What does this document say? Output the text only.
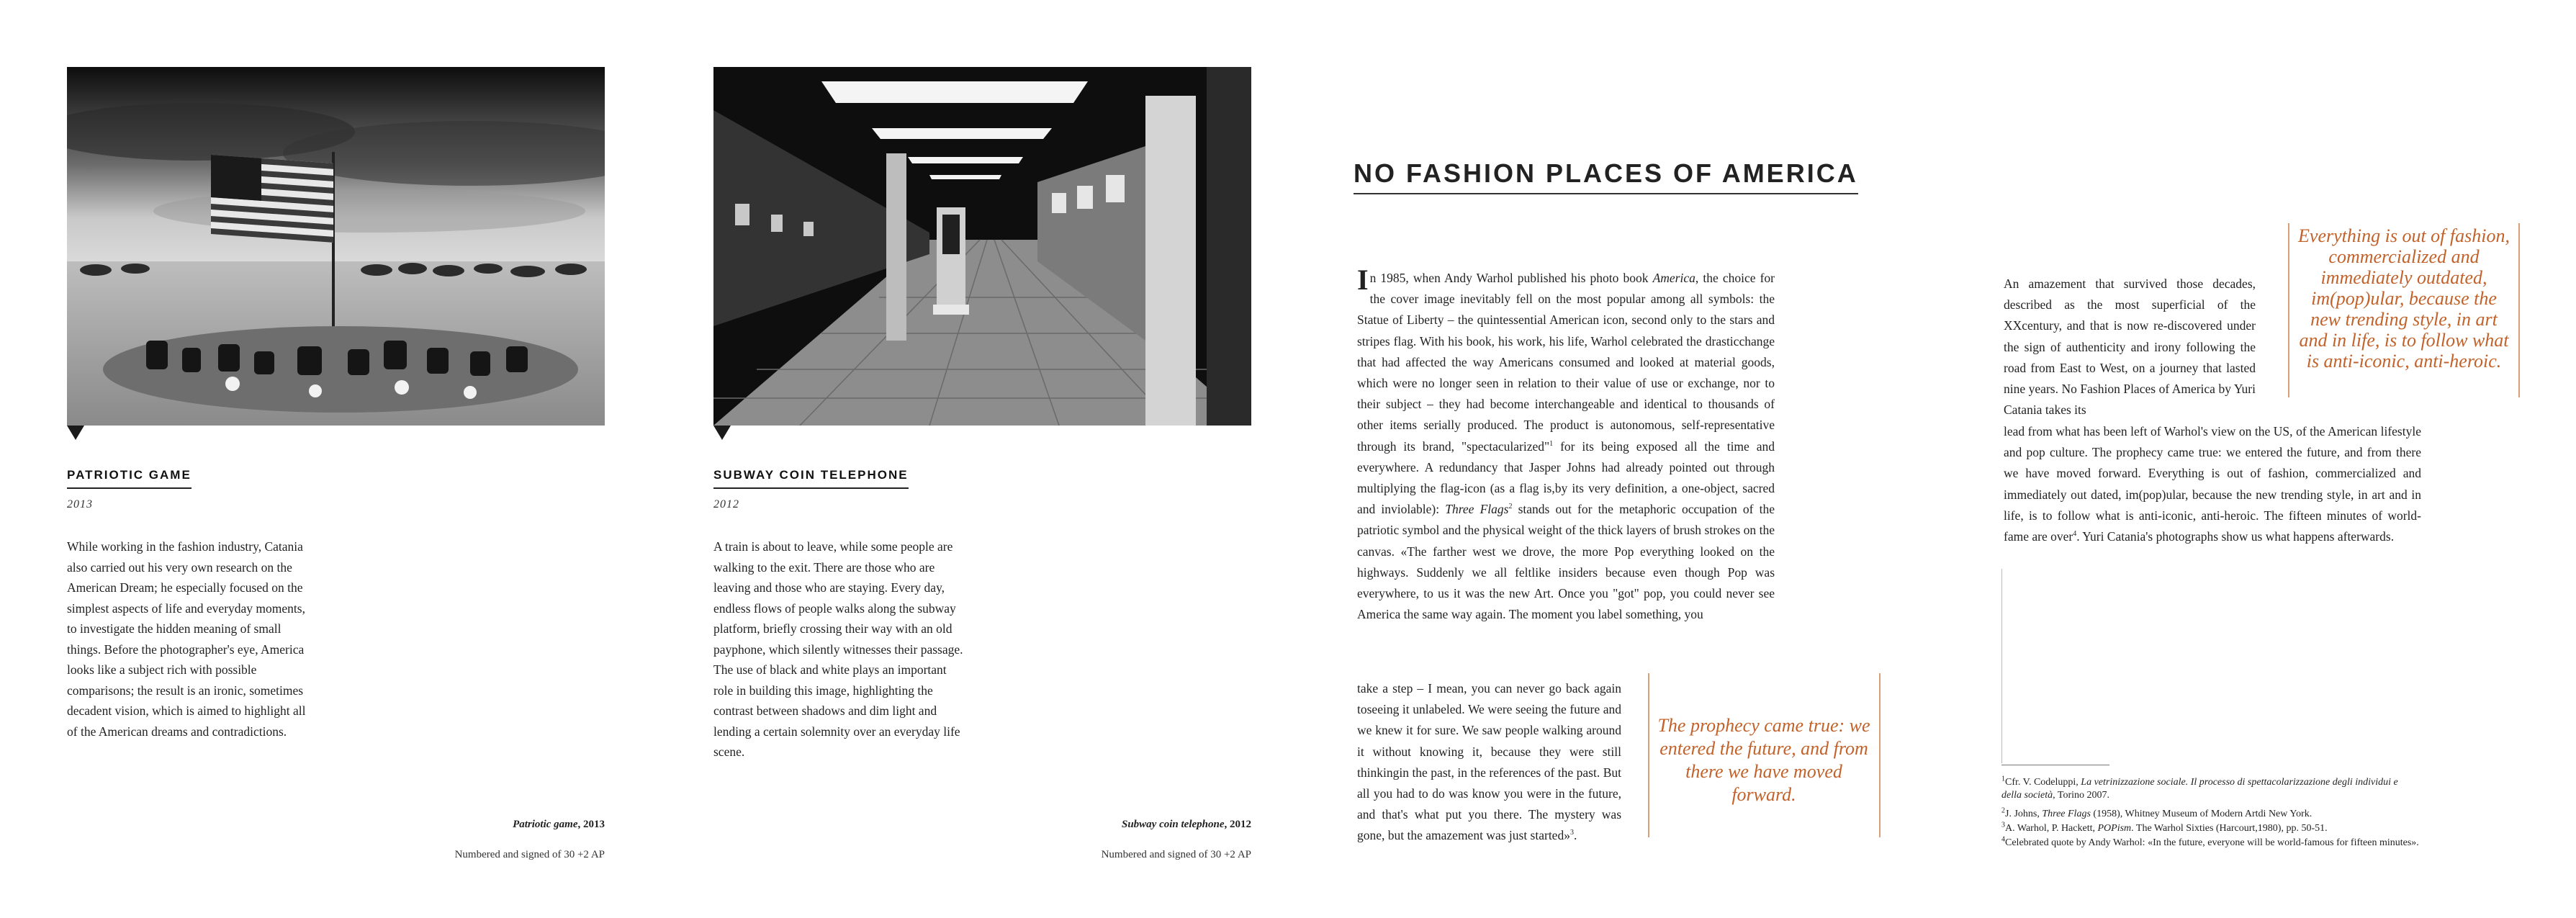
PATRIOTIC GAME
2013
While working in the fashion industry, Catania also carried out his very own research on the American Dream; he especially focused on the simplest aspects of life and everyday moments, to investigate the hidden meaning of small things. Before the photographer's eye, America looks like a subject rich with possible comparisons; the result is an ironic, sometimes decadent vision, which is aimed to highlight all of the American dreams and contradictions.
Patriotic game, 2013
Numbered and signed of 30 +2 AP
SUBWAY COIN TELEPHONE
2012
A train is about to leave, while some people are walking to the exit. There are those who are leaving and those who are staying. Every day, endless flows of people walks along the subway platform, briefly crossing their way with an old payphone, which silently witnesses their passage. The use of black and white plays an important role in building this image, highlighting the contrast between shadows and dim light and lending a certain solemnity over an everyday life scene.
Subway coin telephone, 2012
Numbered and signed of 30 +2 AP
NO FASHION PLACES OF AMERICA
In 1985, when Andy Warhol published his photo book America, the choice for the cover image inevitably fell on the most popular among all symbols: the Statue of Liberty – the quintessential American icon, second only to the stars and stripes flag. With his book, his work, his life, Warhol celebrated the drasticchange that had affected the way Americans consumed and looked at material goods, which were no longer seen in relation to their value of use or exchange, nor to their subject – they had become interchangeable and identical to thousands of other items serially produced. The product is autonomous, self-representative through its brand, "spectacularized"$^1$ for its being exposed all the time and everywhere. A redundancy that Jasper Johns had already pointed out through multiplying the flag-icon (as a flag is,by its very definition, a one-object, sacred and inviolable): Three Flags$^2$ stands out for the metaphoric occupation of the patriotic symbol and the physical weight of the thick layers of brush strokes on the canvas. «The farther west we drove, the more Pop everything looked on the highways. Suddenly we all feltlike insiders because even though Pop was everywhere, to us it was the new Art. Once you "got" pop, you could never see America the same way again. The moment you label something, you
take a step – I mean, you can never go back again toseeing it unlabeled. We were seeing the future and we knew it for sure. We saw people walking around it without knowing it, because they were still thinkingin the past, in the references of the past. But all you had to do was know you were in the future, and that's what put you there. The mystery was gone, but the amazement was just started»$^3$.
The prophecy came true: we entered the future, and from there we have moved forward.
An amazement that survived those decades, described as the most superficial of the XXcentury, and that is now re-discovered under the sign of authenticity and irony following the road from East to West, on a journey that lasted nine years. No Fashion Places of America by Yuri Catania takes its
lead from what has been left of Warhol's view on the US, of the American lifestyle and pop culture. The prophecy came true: we entered the future, and from there we have moved forward. Everything is out of fashion, commercialized and immediately out dated, im(pop)ular, because the new trending style, in art and in life, is to follow what is anti-iconic, anti-heroic. The fifteen minutes of world-fame are over$^4$. Yuri Catania's photographs show us what happens afterwards.
Everything is out of fashion, commercialized and immediately outdated, im(pop)ular, because the new trending style, in art and in life, is to follow what is anti-iconic, anti-heroic.
$^1$Cfr. V. Codeluppi, La vetrinizzazione sociale. Il processo di spettacolarizzazione degli individui e della società, Torino 2007.
$^2$J. Johns, Three Flags (1958), Whitney Museum of Modern Artdi New York.
$^3$A. Warhol, P. Hackett, POPism. The Warhol Sixties (Harcourt,1980), pp. 50-51.
$^4$Celebrated quote by Andy Warhol: «In the future, everyone will be world-famous for fifteen minutes».
